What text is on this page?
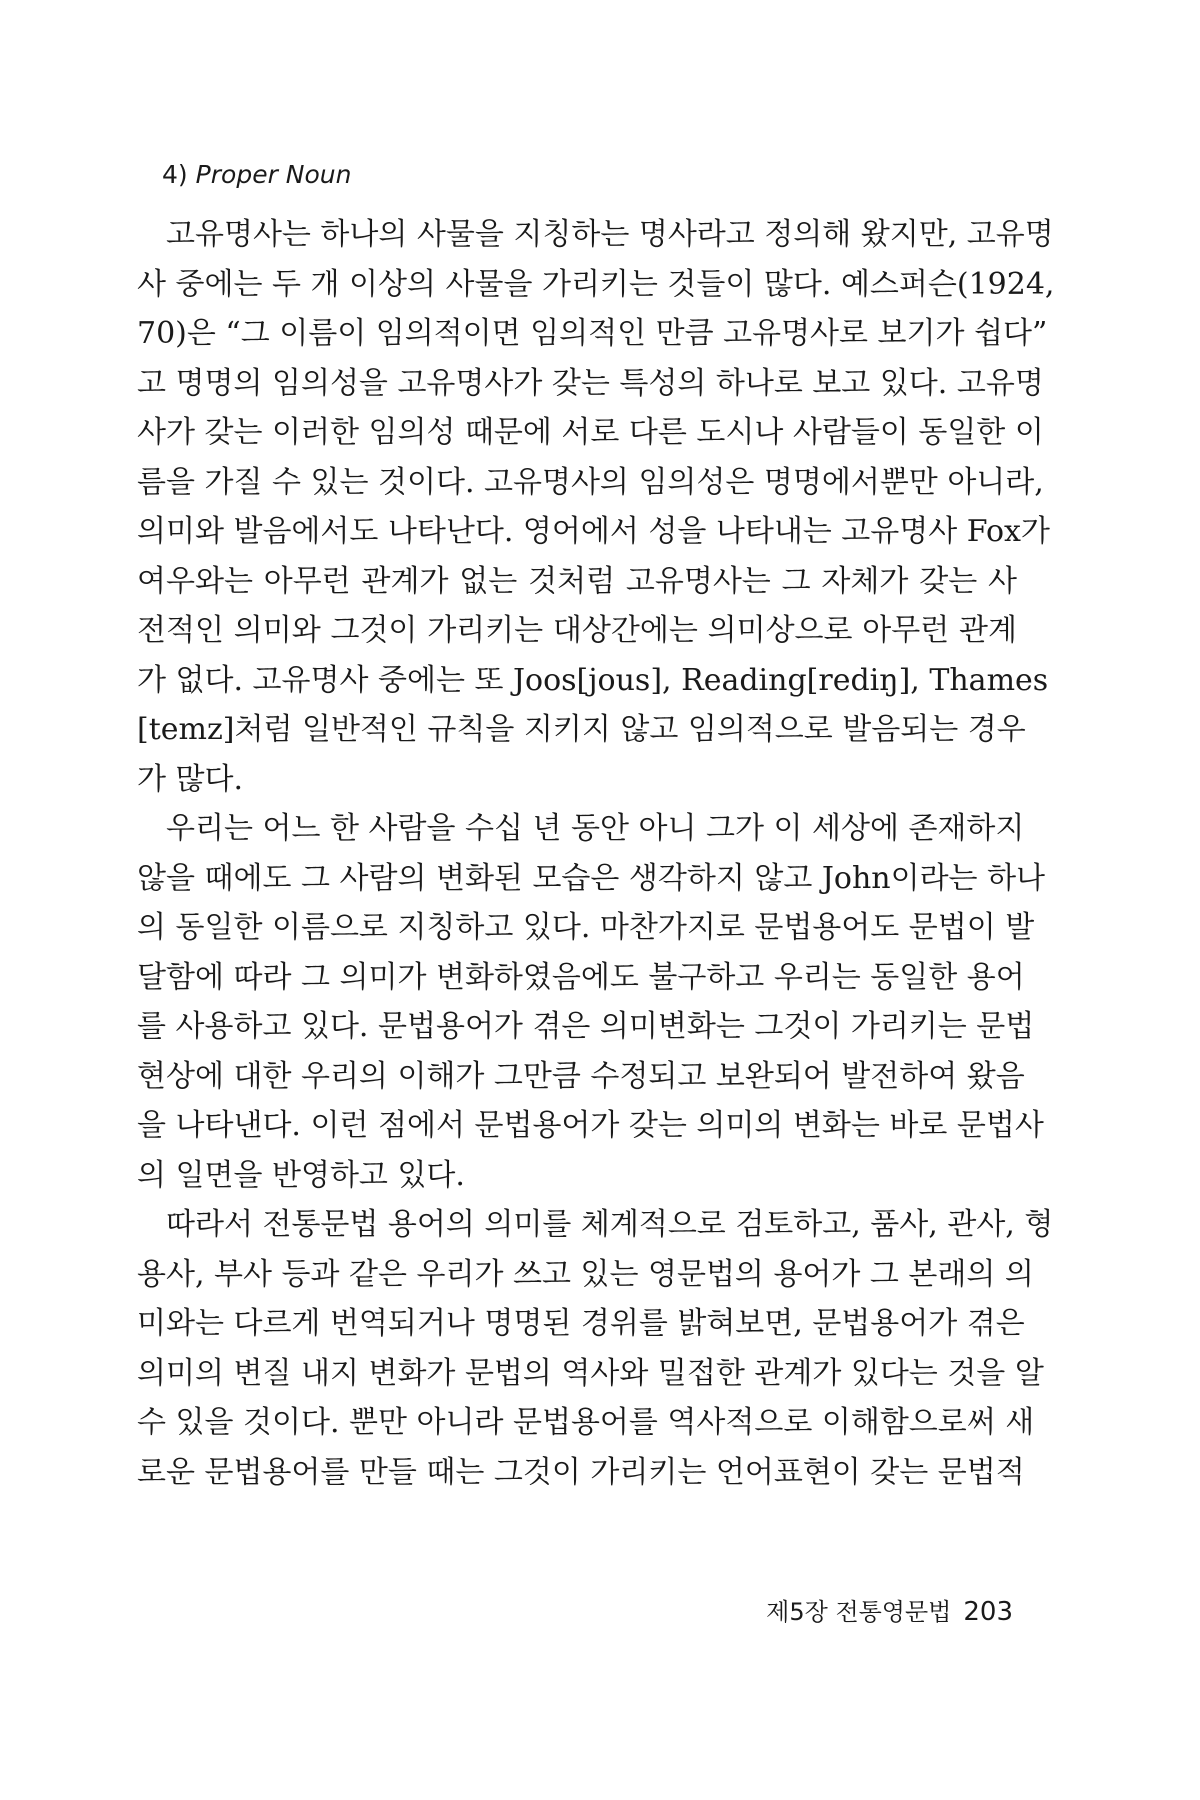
4) Proper Noun
고유명사는 하나의 사물을 지칭하는 명사라고 정의해 왔지만, 고유명
사 중에는 두 개 이상의 사물을 가리키는 것들이 많다. 예스퍼슨(1924,
70)은 “그 이름이 임의적이면 임의적인 만큼 고유명사로 보기가 쉽다”
고 명명의 임의성을 고유명사가 갖는 특성의 하나로 보고 있다. 고유명
사가 갖는 이러한 임의성 때문에 서로 다른 도시나 사람들이 동일한 이
름을 가질 수 있는 것이다. 고유명사의 임의성은 명명에서뿐만 아니라,
의미와 발음에서도 나타난다. 영어에서 성을 나타내는 고유명사 Fox가
여우와는 아무런 관계가 없는 것처럼 고유명사는 그 자체가 갖는 사
전적인 의미와 그것이 가리키는 대상간에는 의미상으로 아무런 관계
가 없다. 고유명사 중에는 또 Joos[jous], Reading[rediŋ], Thames
[temz]처럼 일반적인 규칙을 지키지 않고 임의적으로 발음되는 경우
가 많다.
우리는 어느 한 사람을 수십 년 동안 아니 그가 이 세상에 존재하지
않을 때에도 그 사람의 변화된 모습은 생각하지 않고 John이라는 하나
의 동일한 이름으로 지칭하고 있다. 마찬가지로 문법용어도 문법이 발
달함에 따라 그 의미가 변화하였음에도 불구하고 우리는 동일한 용어
를 사용하고 있다. 문법용어가 겪은 의미변화는 그것이 가리키는 문법
현상에 대한 우리의 이해가 그만큼 수정되고 보완되어 발전하여 왔음
을 나타낸다. 이런 점에서 문법용어가 갖는 의미의 변화는 바로 문법사
의 일면을 반영하고 있다.
따라서 전통문법 용어의 의미를 체계적으로 검토하고, 품사, 관사, 형
용사, 부사 등과 같은 우리가 쓰고 있는 영문법의 용어가 그 본래의 의
미와는 다르게 번역되거나 명명된 경위를 밝혀보면, 문법용어가 겪은
의미의 변질 내지 변화가 문법의 역사와 밀접한 관계가 있다는 것을 알
수 있을 것이다. 뿐만 아니라 문법용어를 역사적으로 이해함으로써 새
로운 문법용어를 만들 때는 그것이 가리키는 언어표현이 갖는 문법적
제5장 전통영문법 203
